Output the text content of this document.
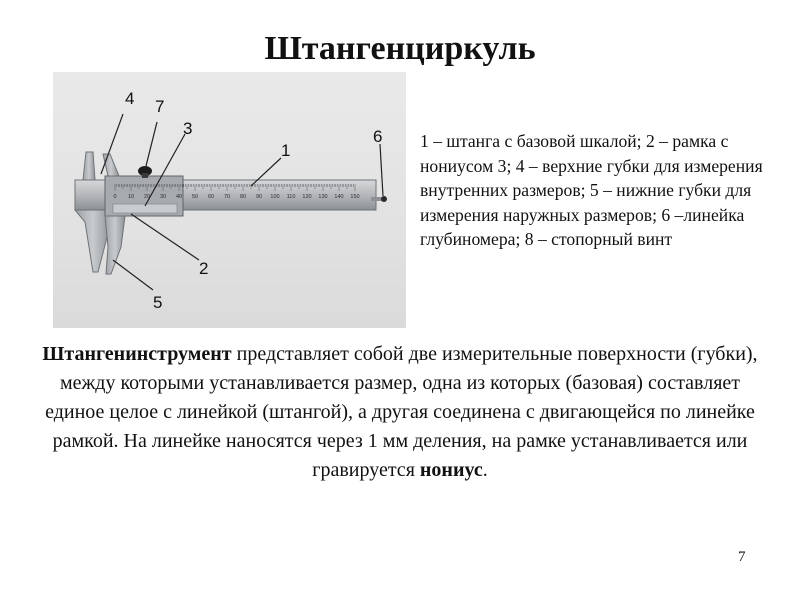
Штангенциркуль
0 10 20 30 40 50 60 70 80 90 100 110 120 130 140 150
4 7
3
1
6
2
5
1 – штанга с базовой шкалой; 2 – рамка с нониусом 3; 4 – верхние губки для измерения внутренних размеров; 5 – нижние губки для измерения наружных размеров; 6 –линейка глубиномера; 8 – стопорный винт
Штангенинструмент представляет собой две измерительные поверхности (губки), между которыми устанавливается размер, одна из которых (базовая) составляет единое целое с линейкой (штангой), а другая соединена с двигающейся по линейке рамкой. На линейке наносятся через 1 мм деления, на рамке устанавливается или гравируется нониус.
7
